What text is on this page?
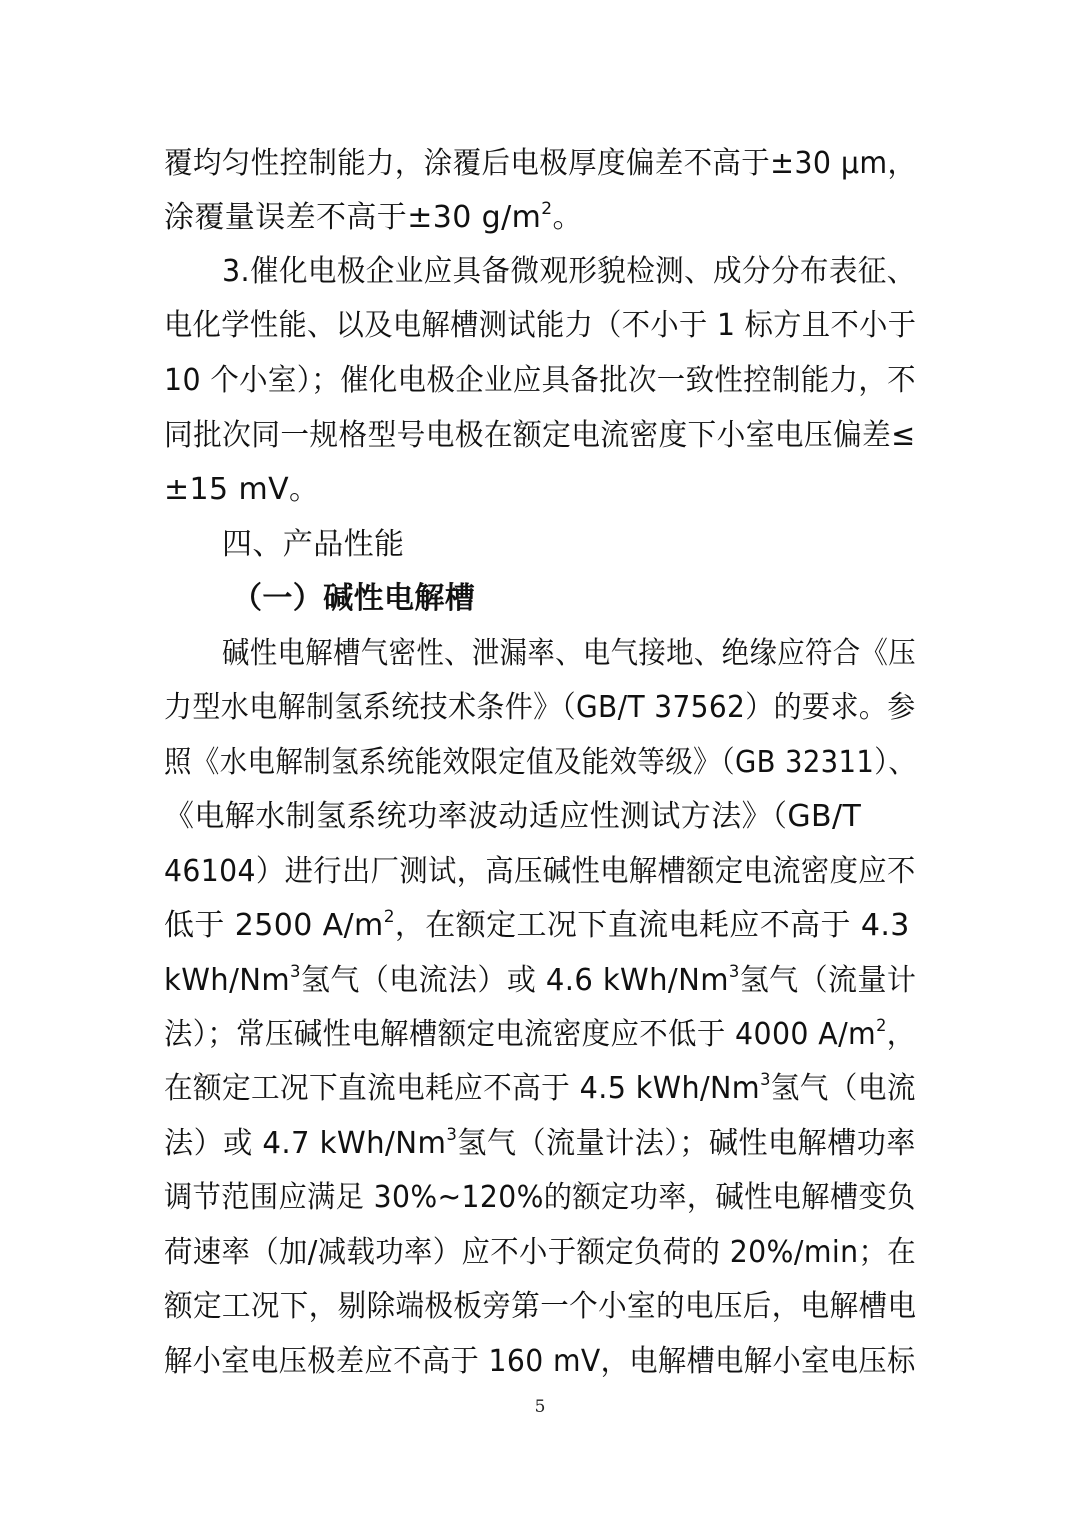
覆均匀性控制能力，涂覆后电极厚度偏差不高于±30 μm，
涂覆量误差不高于±30 $g/m^2$。
3.催化电极企业应具备微观形貌检测、成分分布表征、
电化学性能、以及电解槽测试能力（不小于 1 标方且不小于
10 个小室）；催化电极企业应具备批次一致性控制能力，不
同批次同一规格型号电极在额定电流密度下小室电压偏差≤
±15 mV。
四、产品性能
（一）碱性电解槽
碱性电解槽气密性、泄漏率、电气接地、绝缘应符合《压
力型水电解制氢系统技术条件》（GB/T 37562）的要求。参
照《水电解制氢系统能效限定值及能效等级》（GB 32311）、
《电解水制氢系统功率波动适应性测试方法》（GB/T
46104）进行出厂测试，高压碱性电解槽额定电流密度应不
低于 2500 $A/m^2$，在额定工况下直流电耗应不高于 4.3
kWh/Nm$^3$氢气（电流法）或 4.6 kWh/Nm$^3$氢气（流量计
法）；常压碱性电解槽额定电流密度应不低于 4000 $A/m^2$，
在额定工况下直流电耗应不高于 4.5 kWh/Nm$^3$氢气（电流
法）或 4.7 kWh/Nm$^3$氢气（流量计法）；碱性电解槽功率
调节范围应满足 30%~120%的额定功率，碱性电解槽变负
荷速率（加/减载功率）应不小于额定负荷的 20%/min；在
额定工况下，剔除端极板旁第一个小室的电压后，电解槽电
解小室电压极差应不高于 160 mV，电解槽电解小室电压标
5
